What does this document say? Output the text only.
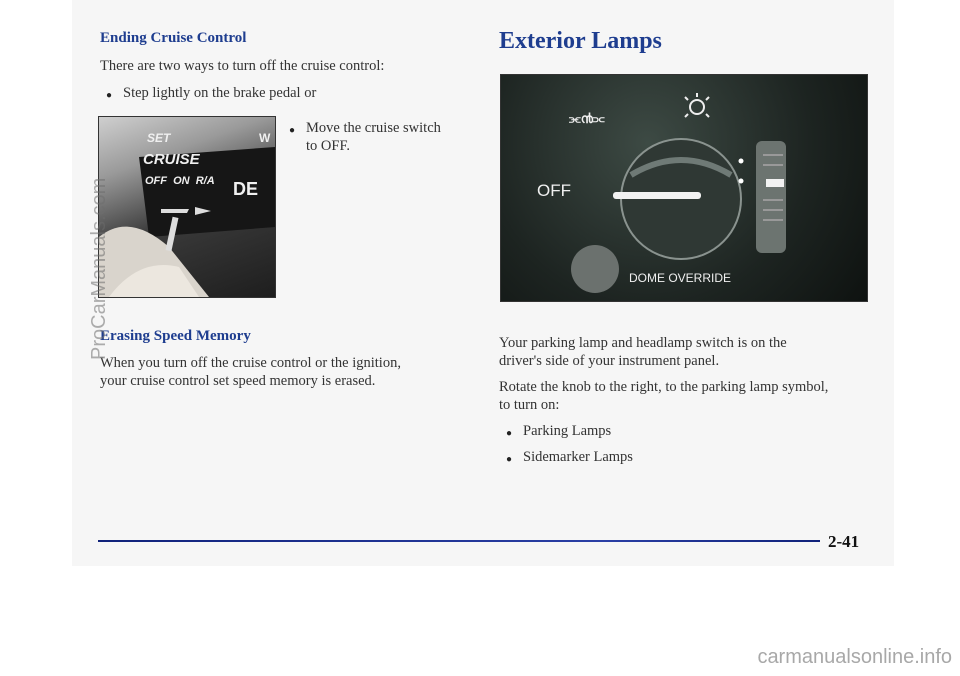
Ending Cruise Control
There are two ways to turn off the cruise control:
● Step lightly on the brake pedal or
SET	W
CRUISE
OFF  ON  R/A DE
● Move the cruise switch
to OFF.
Erasing Speed Memory
When you turn off the cruise control or the ignition,
your cruise control set speed memory is erased.
Exterior Lamps
⫘൯⫗
OFF
DOME OVERRIDE
Your parking lamp and headlamp switch is on the
driver's side of your instrument panel.
Rotate the knob to the right, to the parking lamp symbol,
to turn on:
● Parking Lamps
● Sidemarker Lamps
2-41
ProCarManuals.com
carmanualsonline.info
